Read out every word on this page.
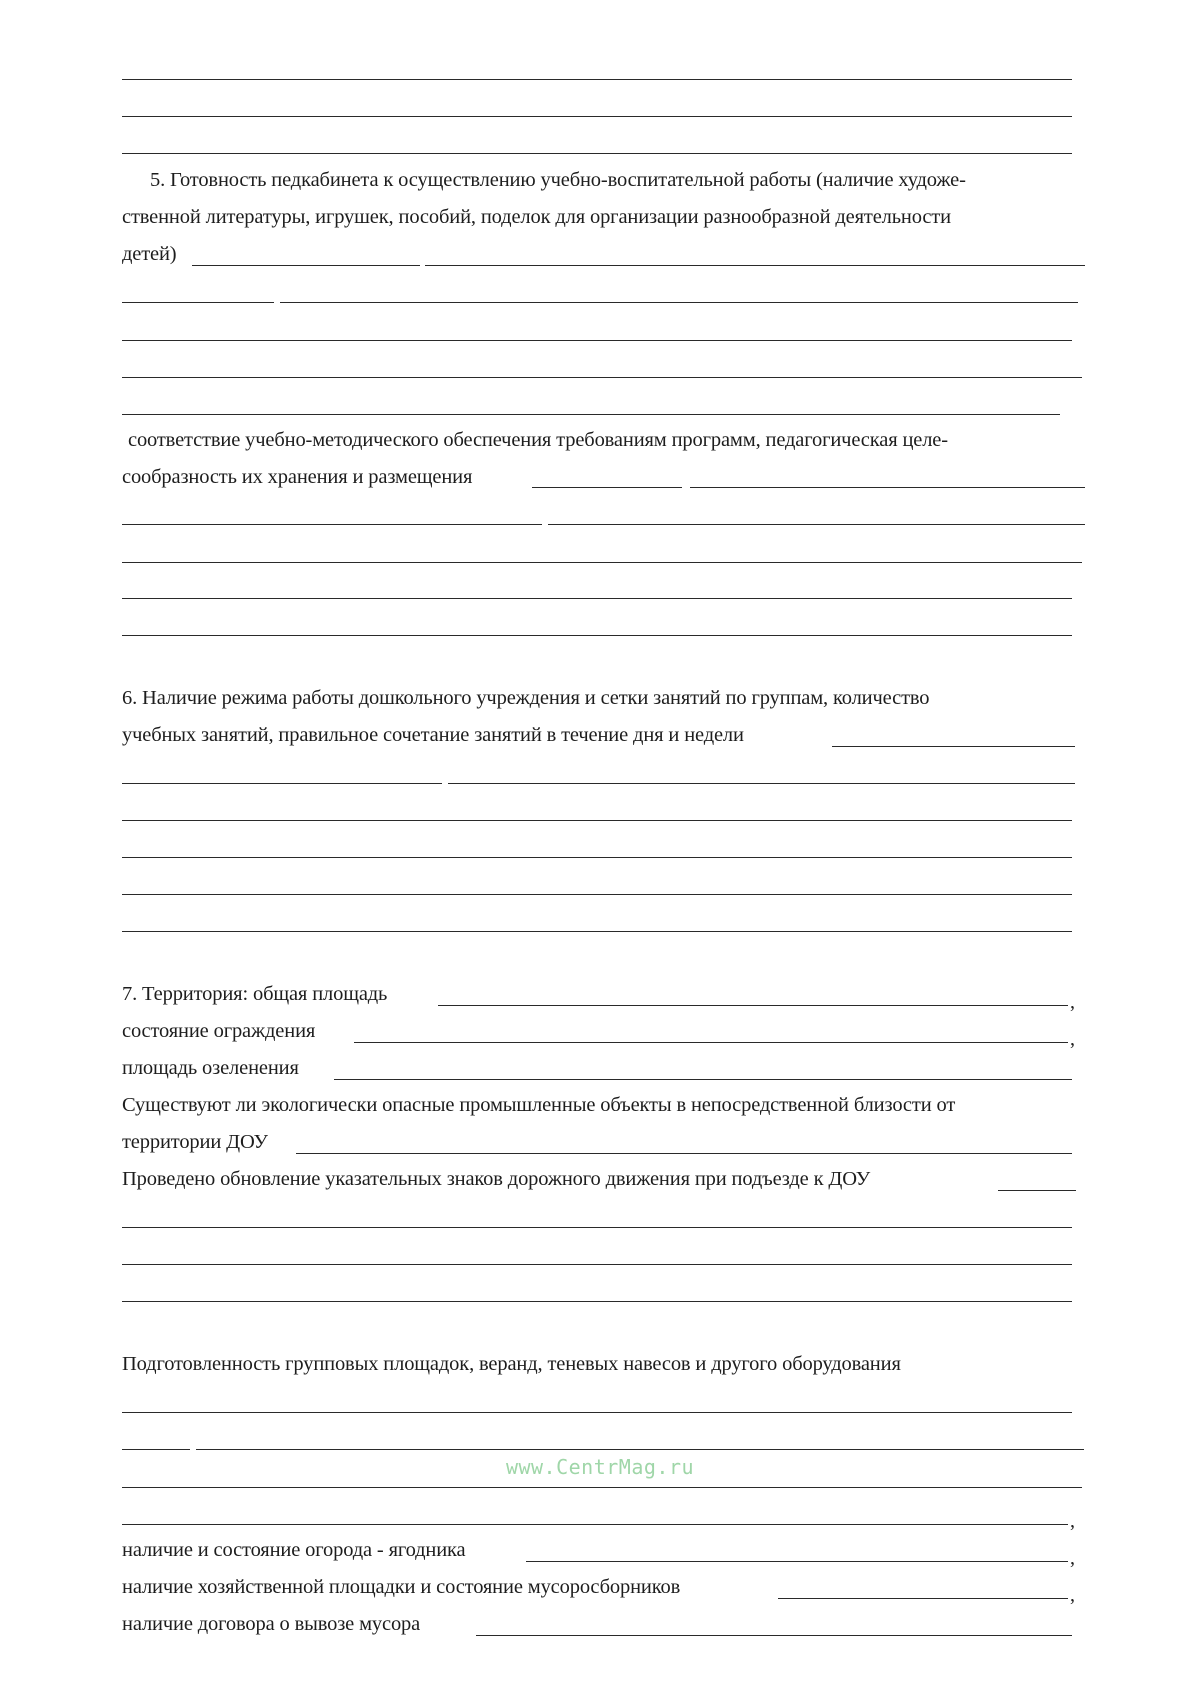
5. Готовность педкабинета к осуществлению учебно-воспитательной работы (наличие художе-
ственной литературы, игрушек, пособий, поделок для организации разнообразной деятельности
детей)
соответствие учебно-методического обеспечения требованиям программ, педагогическая целе-
сообразность их хранения и размещения
6. Наличие режима работы дошкольного учреждения и сетки занятий по группам, количество
учебных занятий, правильное сочетание занятий в течение дня и недели
7. Территория: общая площадь	,
состояние ограждения	,
площадь озеленения
Существуют ли экологически опасные промышленные объекты в непосредственной близости от
территории ДОУ
Проведено обновление указательных знаков дорожного движения при подъезде к ДОУ
Подготовленность групповых площадок, веранд, теневых навесов и другого оборудования
www.CentrMag.ru
,
наличие и состояние огорода - ягодника	,
наличие хозяйственной площадки и состояние мусоросборников	,
наличие договора о вывозе мусора
